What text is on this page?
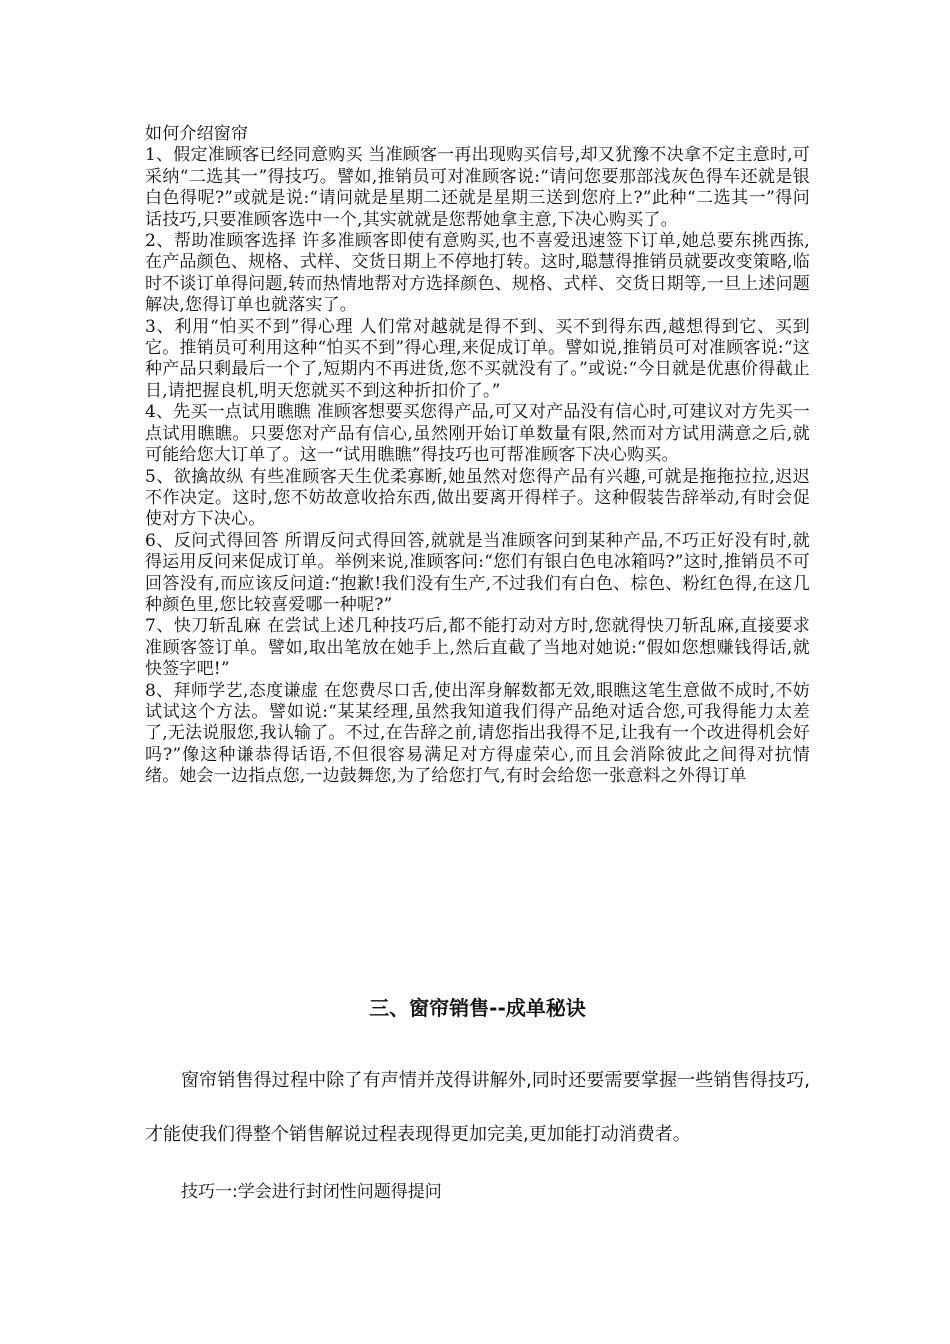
如何介绍窗帘

1、假定准顾客已经同意购买 当准顾客一再出现购买信号,却又犹豫不决拿不定主意时,可采纳“二选其一”得技巧。譬如,推销员可对准顾客说:“请问您要那部浅灰色得车还就是银白色得呢?”或就是说:“请问就是星期二还就是星期三送到您府上?”此种“二选其一”得问话技巧,只要准顾客选中一个,其实就就是您帮她拿主意,下决心购买了。

2、帮助准顾客选择 许多准顾客即使有意购买,也不喜爱迅速签下订单,她总要东挑西拣,在产品颜色、规格、式样、交货日期上不停地打转。这时,聪慧得推销员就要改变策略,临时不谈订单得问题,转而热情地帮对方选择颜色、规格、式样、交货日期等,一旦上述问题解决,您得订单也就落实了。

3、利用“怕买不到”得心理 人们常对越就是得不到、买不到得东西,越想得到它、买到它。推销员可利用这种“怕买不到”得心理,来促成订单。譬如说,推销员可对准顾客说:“这种产品只剩最后一个了,短期内不再进货,您不买就没有了。”或说:“今日就是优惠价得截止日,请把握良机,明天您就买不到这种折扣价了。”

4、先买一点试用瞧瞧 准顾客想要买您得产品,可又对产品没有信心时,可建议对方先买一点试用瞧瞧。只要您对产品有信心,虽然刚开始订单数量有限,然而对方试用满意之后,就可能给您大订单了。这一“试用瞧瞧”得技巧也可帮准顾客下决心购买。

5、欲擒故纵 有些准顾客天生优柔寡断,她虽然对您得产品有兴趣,可就是拖拖拉拉,迟迟不作决定。这时,您不妨故意收拾东西,做出要离开得样子。这种假装告辞举动,有时会促使对方下决心。

6、反问式得回答 所谓反问式得回答,就就是当准顾客问到某种产品,不巧正好没有时,就得运用反问来促成订单。举例来说,准顾客问:“您们有银白色电冰箱吗?”这时,推销员不可回答没有,而应该反问道:“抱歉!我们没有生产,不过我们有白色、棕色、粉红色得,在这几种颜色里,您比较喜爱哪一种呢?”

7、快刀斩乱麻 在尝试上述几种技巧后,都不能打动对方时,您就得快刀斩乱麻,直接要求准顾客签订单。譬如,取出笔放在她手上,然后直截了当地对她说:“假如您想赚钱得话,就快签字吧!”

8、拜师学艺,态度谦虚 在您费尽口舌,使出浑身解数都无效,眼瞧这笔生意做不成时,不妨试试这个方法。譬如说:“某某经理,虽然我知道我们得产品绝对适合您,可我得能力太差了,无法说服您,我认输了。不过,在告辞之前,请您指出我得不足,让我有一个改进得机会好吗?”像这种谦恭得话语,不但很容易满足对方得虚荣心,而且会消除彼此之间得对抗情绪。她会一边指点您,一边鼓舞您,为了给您打气,有时会给您一张意料之外得订单

三、窗帘销售--成单秘诀

窗帘销售得过程中除了有声情并茂得讲解外,同时还要需要掌握一些销售得技巧,才能使我们得整个销售解说过程表现得更加完美,更加能打动消费者。

技巧一:学会进行封闭性问题得提问
